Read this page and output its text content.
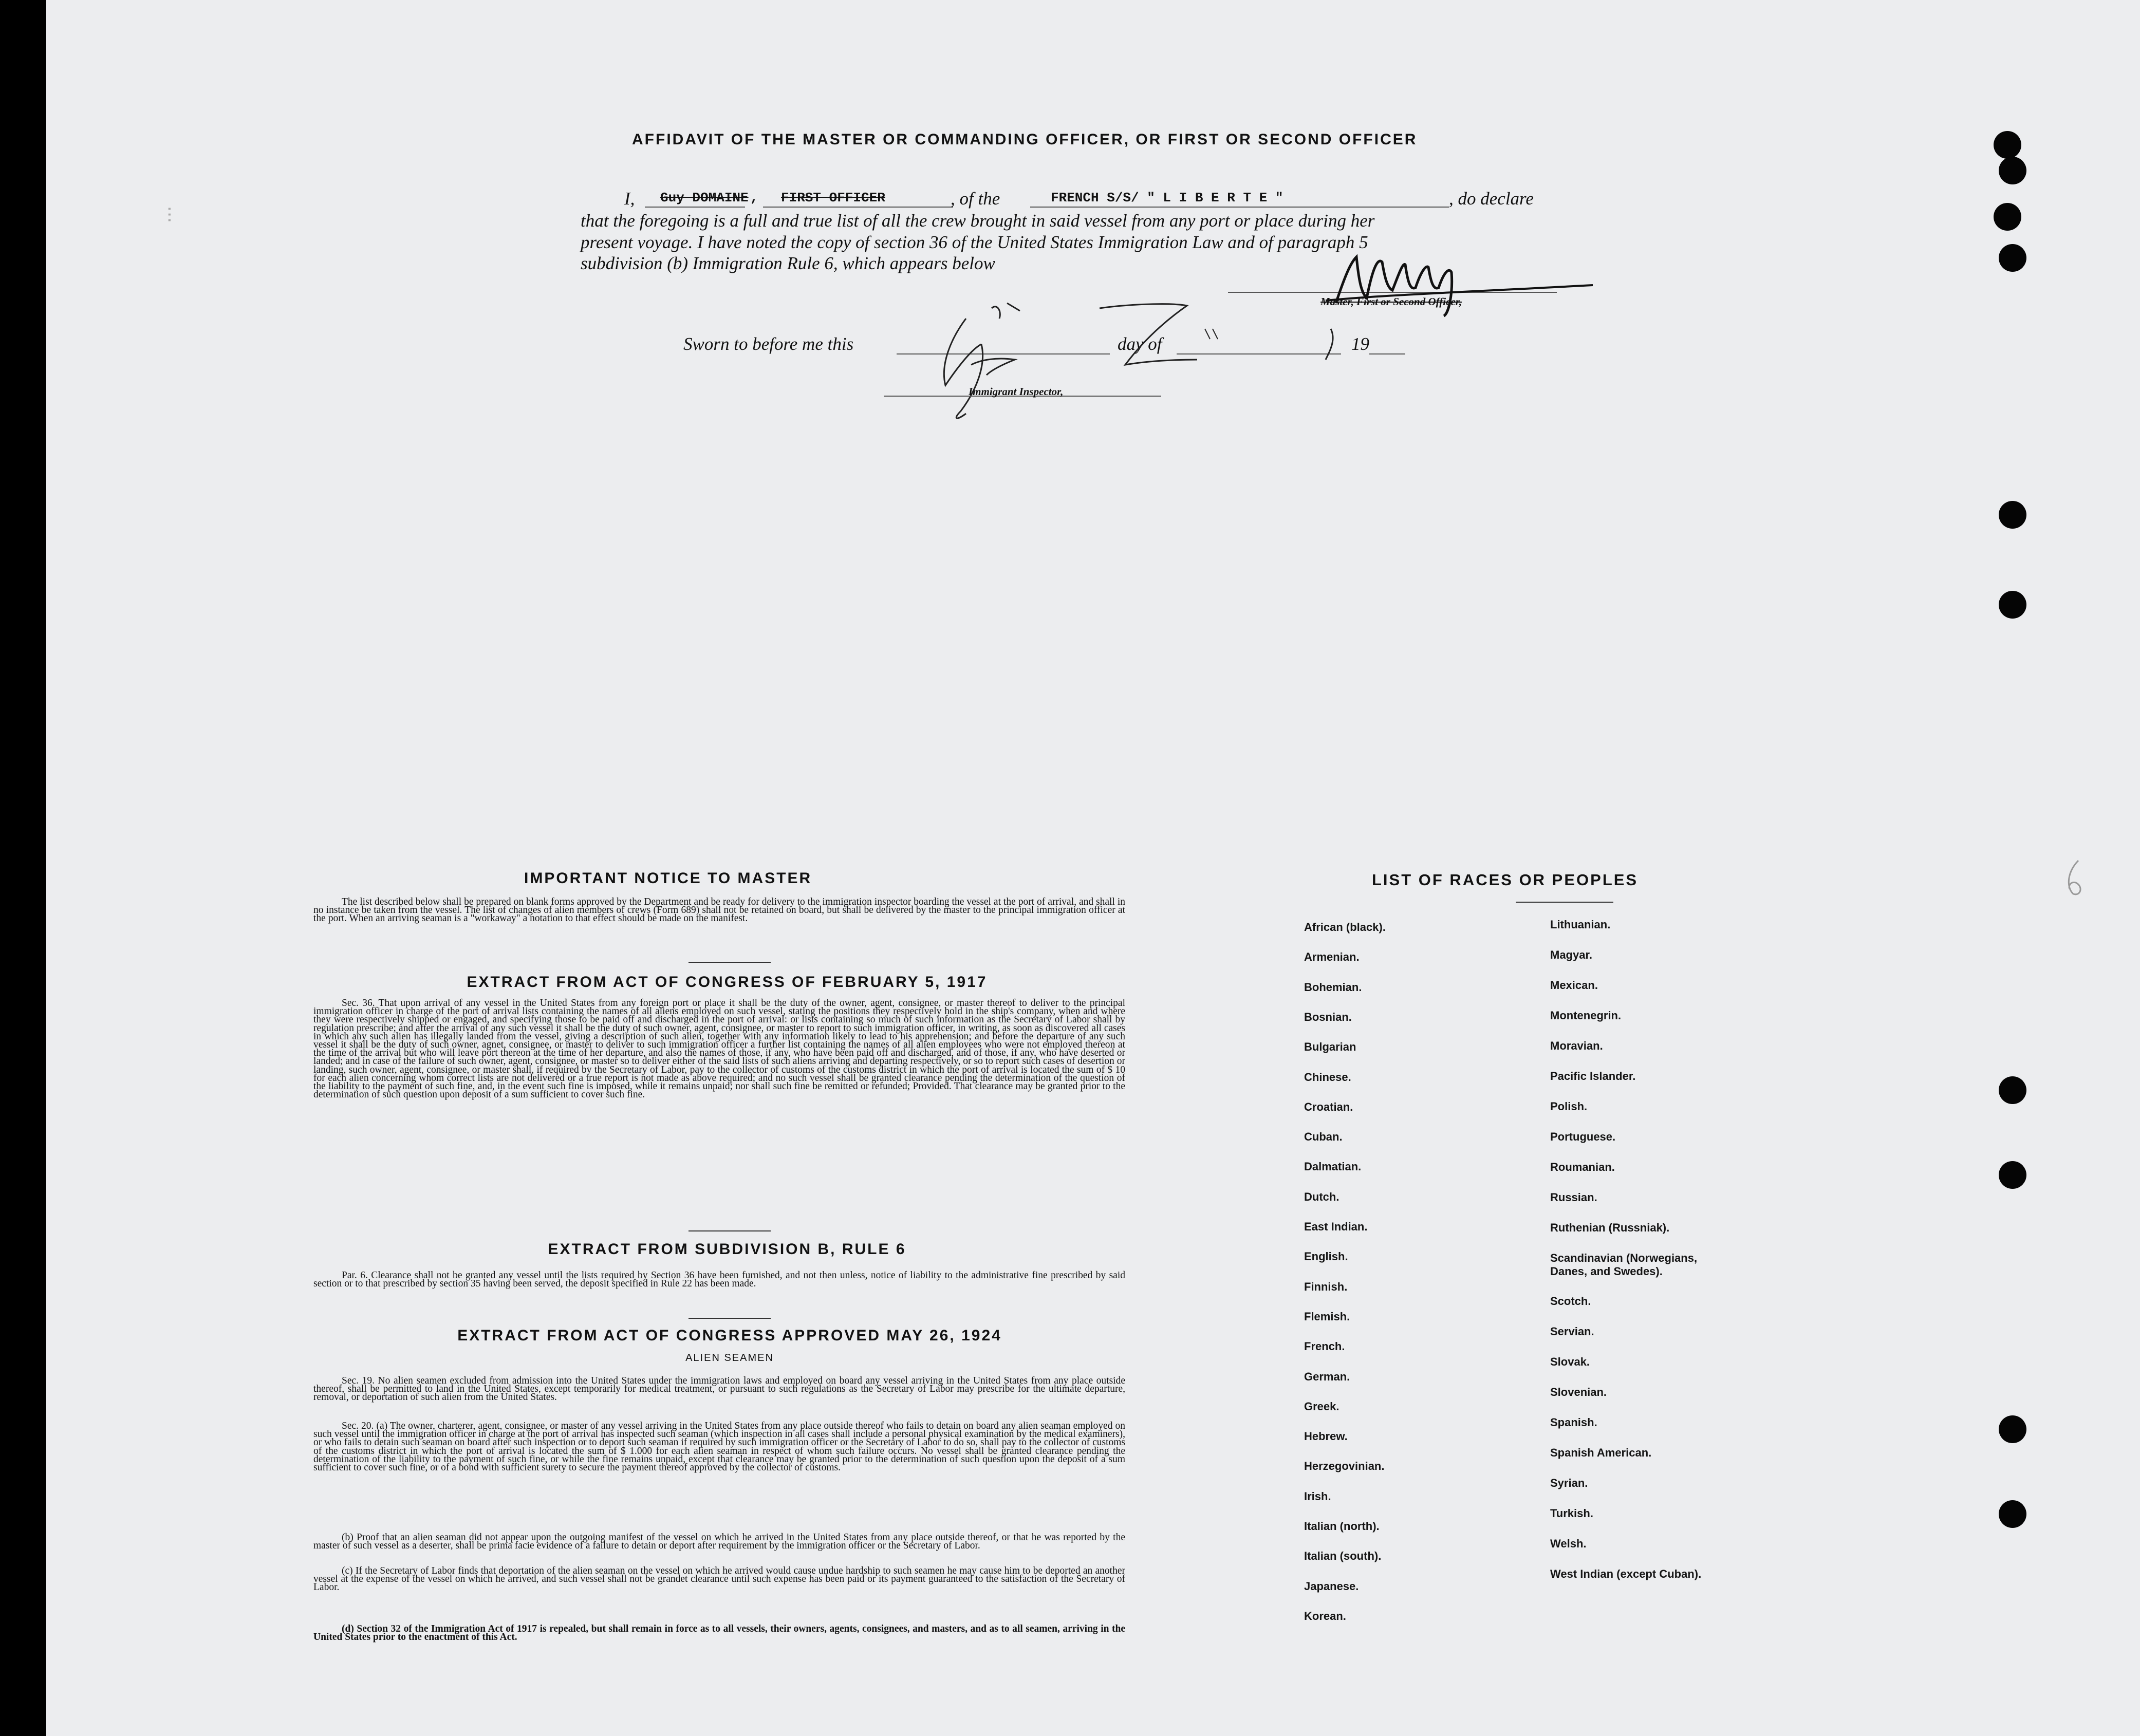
∙∙∙
AFFIDAVIT OF THE MASTER OR COMMANDING OFFICER, OR FIRST OR SECOND OFFICER
I, Guy DOMAINE , FIRST OFFICER	, of the	FRENCH S/S/ " L I B E R T E "	, do declare
that the foregoing is a full and true list of all the crew brought in said vessel from any port or place during her
present voyage. I have noted the copy of section 36 of the United States Immigration Law and of paragraph 5
subdivision (b) Immigration Rule 6, which appears below
Master, First or Second Officer,
Sworn to before me this	day of	19
Immigrant Inspector,
IMPORTANT NOTICE TO MASTER
The list described below shall be prepared on blank forms approved by the Department and be ready for delivery to the immigration inspector boarding the vessel at the port of arrival, and shall in no instance be taken from the vessel. The list of changes of alien members of crews (Form 689) shall not be retained on board, but shall be delivered by the master to the principal immigration officer at the port. When an arriving seaman is a "workaway" a notation to that effect should be made on the manifest.
EXTRACT FROM ACT OF CONGRESS OF FEBRUARY 5, 1917
Sec. 36. That upon arrival of any vessel in the United States from any foreign port or place it shall be the duty of the owner, agent, consignee, or master thereof to deliver to the principal immigration officer in charge of the port of arrival lists containing the names of all aliens employed on such vessel, stating the positions they respectively hold in the ship's company, when and where they were respectively shipped or engaged, and specifying those to be paid off and discharged in the port of arrival: or lists containing so much of such information as the Secretary of Labor shall by regulation prescribe; and after the arrival of any such vessel it shall be the duty of such owner, agent, consignee, or master to report to such immigration officer, in writing, as soon as discovered all cases in which any such alien has illegally landed from the vessel, giving a description of such alien, together with any information likely to lead to his apprehension; and before the departure of any such vessel it shall be the duty of such owner, agnet, consignee, or master to deliver to such immigration officer a further list containing the names of all alien employees who were not employed thereon at the time of the arrival but who will leave port thereon at the time of her departure, and also the names of those, if any, who have been paid off and discharged, and of those, if any, who have deserted or landed; and in case of the failure of such owner, agent, consignee, or master so to deliver either of the said lists of such aliens arriving and departing respectively, or so to report such cases of desertion or landing, such owner, agent, consignee, or master shall, if required by the Secretary of Labor, pay to the collector of customs of the customs district in which the port of arrival is located the sum of $ 10 for each alien concerning whom correct lists are not delivered or a true report is not made as above required; and no such vessel shall be granted clearance pending the determination of the question of the liability to the payment of such fine, and, in the event such fine is imposed, while it remains unpaid; nor shall such fine be remitted or refunded; Provided. That clearance may be granted prior to the determination of such question upon deposit of a sum sufficient to cover such fine.
EXTRACT FROM SUBDIVISION B, RULE 6
Par. 6. Clearance shall not be granted any vessel until the lists required by Section 36 have been furnished, and not then unless, notice of liability to the administrative fine prescribed by said section or to that prescribed by section 35 having been served, the deposit specified in Rule 22 has been made.
EXTRACT FROM ACT OF CONGRESS APPROVED MAY 26, 1924
ALIEN SEAMEN
Sec. 19. No alien seamen excluded from admission into the United States under the immigration laws and employed on board any vessel arriving in the United States from any place outside thereof, shall be permitted to land in the United States, except temporarily for medical treatment, or pursuant to such regulations as the Secretary of Labor may prescribe for the ultimate departure, removal, or deportation of such alien from the United States.
Sec. 20. (a) The owner, charterer, agent, consignee, or master of any vessel arriving in the United States from any place outside thereof who fails to detain on board any alien seaman employed on such vessel until the immigration officer in charge at the port of arrival has inspected such seaman (which inspection in all cases shall include a personal physical examination by the medical examiners), or who fails to detain such seaman on board after such inspection or to deport such seaman if required by such immigration officer or the Secretary of Labor to do so, shall pay to the collector of customs of the customs district in which the port of arrival is located the sum of $ 1.000 for each alien seaman in respect of whom such failure occurs. No vessel shall be granted clearance pending the determination of the liability to the payment of such fine, or while the fine remains unpaid, except that clearance may be granted prior to the determination of such question upon the deposit of a sum sufficient to cover such fine, or of a bond with sufficient surety to secure the payment thereof approved by the collector of customs.
(b) Proof that an alien seaman did not appear upon the outgoing manifest of the vessel on which he arrived in the United States from any place outside thereof, or that he was reported by the master of such vessel as a deserter, shall be prima facie evidence of a failure to detain or deport after requirement by the immigration officer or the Secretary of Labor.
(c) If the Secretary of Labor finds that deportation of the alien seaman on the vessel on which he arrived would cause undue hardship to such seamen he may cause him to be deported an another vessel at the expense of the vessel on which he arrived, and such vessel shall not be grandet clearance until such expense has been paid or its payment guaranteed to the satisfaction of the Secretary of Labor.
(d) Section 32 of the Immigration Act of 1917 is repealed, but shall remain in force as to all vessels, their owners, agents, consignees, and masters, and as to all seamen, arriving in the United States prior to the enactment of this Act.
LIST OF RACES OR PEOPLES
African (black).
Armenian.
Bohemian.
Bosnian.
Bulgarian
Chinese.
Croatian.
Cuban.
Dalmatian.
Dutch.
East Indian.
English.
Finnish.
Flemish.
French.
German.
Greek.
Hebrew.
Herzegovinian.
Irish.
Italian (north).
Italian (south).
Japanese.
Korean.
Lithuanian.
Magyar.
Mexican.
Montenegrin.
Moravian.
Pacific Islander.
Polish.
Portuguese.
Roumanian.
Russian.
Ruthenian (Russniak).
Scandinavian (Norwegians, Danes, and Swedes).
Scotch.
Servian.
Slovak.
Slovenian.
Spanish.
Spanish American.
Syrian.
Turkish.
Welsh.
West Indian (except Cuban).
